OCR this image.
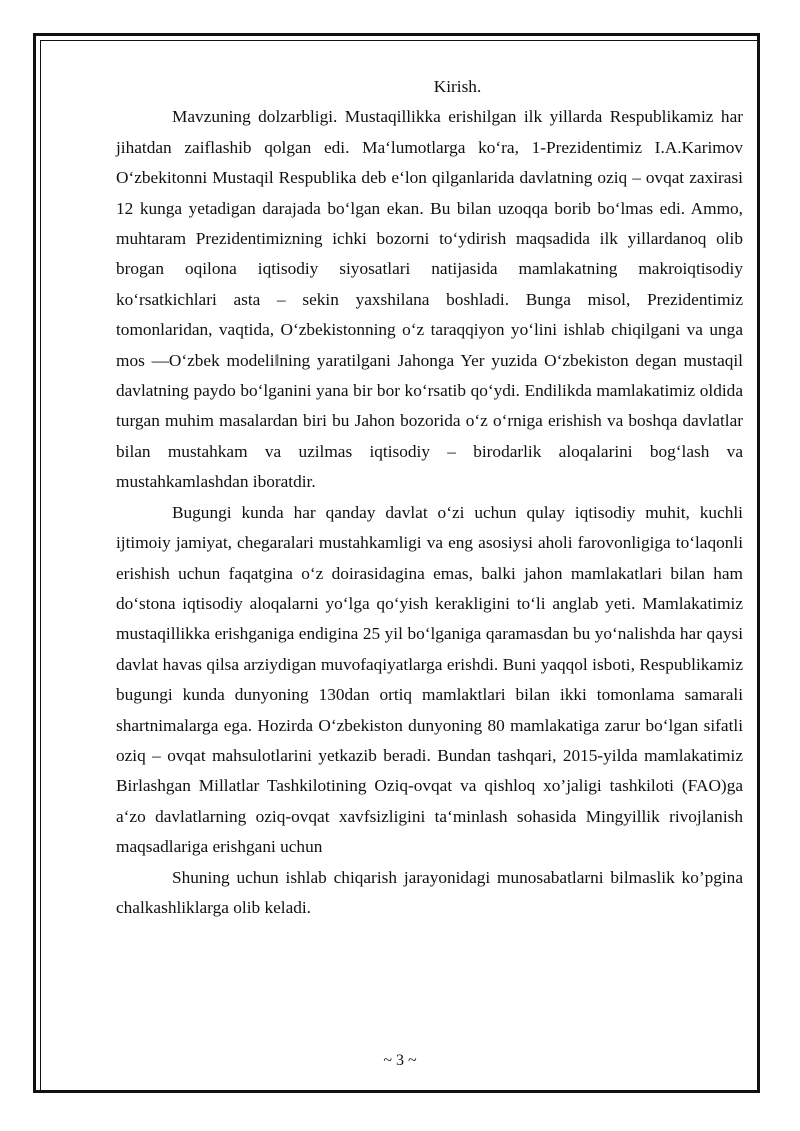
Kirish.

Mavzuning dolzarbligi. Mustaqillikka erishilgan ilk yillarda Respublikamiz har jihatdan zaiflashib qolgan edi. Ma‘lumotlarga ko‘ra, 1-Prezidentimiz I.A.Karimov O‘zbekitonni Mustaqil Respublika deb e‘lon qilganlarida davlatning oziq – ovqat zaxirasi 12 kunga yetadigan darajada bo‘lgan ekan. Bu bilan uzoqqa borib bo‘lmas edi. Ammo, muhtaram Prezidentimizning ichki bozorni to‘ydirish maqsadida ilk yillardanoq olib brogan oqilona iqtisodiy siyosatlari natijasida mamlakatning makroiqtisodiy ko‘rsatkichlari asta – sekin yaxshilana boshladi. Bunga misol, Prezidentimiz tomonlaridan, vaqtida, O‘zbekistonning o‘z taraqqiyon yo‘lini ishlab chiqilgani va unga mos ―O‘zbek modeli‖ning yaratilgani Jahonga Yer yuzida O‘zbekiston degan mustaqil davlatning paydo bo‘lganini yana bir bor ko‘rsatib qo‘ydi. Endilikda mamlakatimiz oldida turgan muhim masalardan biri bu Jahon bozorida o‘z o‘rniga erishish va boshqa davlatlar bilan mustahkam va uzilmas iqtisodiy – birodarlik aloqalarini bog‘lash va mustahkamlashdan iboratdir.

Bugungi kunda har qanday davlat o‘zi uchun qulay iqtisodiy muhit, kuchli ijtimoiy jamiyat, chegaralari mustahkamligi va eng asosiysi aholi farovonligiga to‘laqonli erishish uchun faqatgina o‘z doirasidagina emas, balki jahon mamlakatlari bilan ham do‘stona iqtisodiy aloqalarni yo‘lga qo‘yish kerakligini to‘li anglab yeti. Mamlakatimiz mustaqillikka erishganiga endigina 25 yil bo‘lganiga qaramasdan bu yo‘nalishda har qaysi davlat havas qilsa arziydigan muvofaqiyatlarga erishdi. Buni yaqqol isboti, Respublikamiz bugungi kunda dunyoning 130dan ortiq mamlaktlari bilan ikki tomonlama samarali shartnimalarga ega. Hozirda O‘zbekiston dunyoning 80 mamlakatiga zarur bo‘lgan sifatli oziq – ovqat mahsulotlarini yetkazib beradi. Bundan tashqari, 2015-yilda mamlakatimiz Birlashgan Millatlar Tashkilotining Oziq-ovqat va qishloq xo’jaligi tashkiloti (FAO)ga a‘zo davlatlarning oziq-ovqat xavfsizligini ta‘minlash sohasida Mingyillik rivojlanish maqsadlariga erishgani uchun

Shuning uchun ishlab chiqarish jarayonidagi munosabatlarni bilmaslik ko’pgina chalkashliklarga olib keladi.

~ 3 ~
